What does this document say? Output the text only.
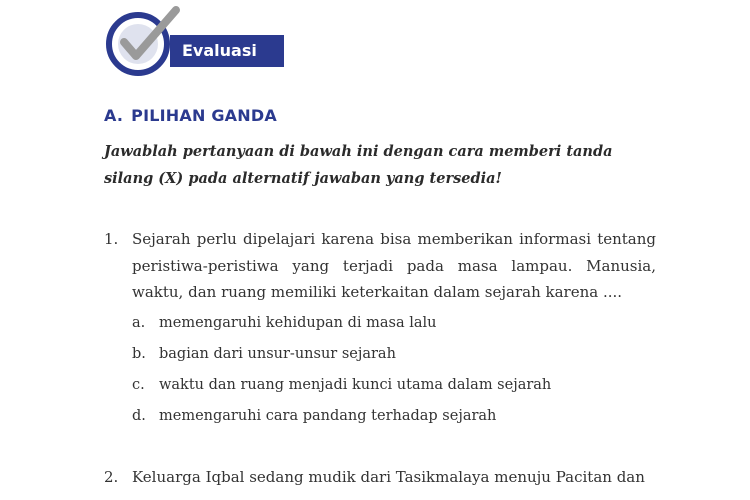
Evaluasi
A. PILIHAN GANDA
Jawablah pertanyaan di bawah ini dengan cara memberi tanda silang (X) pada alternatif jawaban yang tersedia!
1. Sejarah perlu dipelajari karena bisa memberikan informasi tentang peristiwa-peristiwa yang terjadi pada masa lampau. Manusia, waktu, dan ruang memiliki keterkaitan dalam sejarah karena ....
a. memengaruhi kehidupan di masa lalu
b. bagian dari unsur-unsur sejarah
c. waktu dan ruang menjadi kunci utama dalam sejarah
d. memengaruhi cara pandang terhadap sejarah
2. Keluarga Iqbal sedang mudik dari Tasikmalaya menuju Pacitan dan
